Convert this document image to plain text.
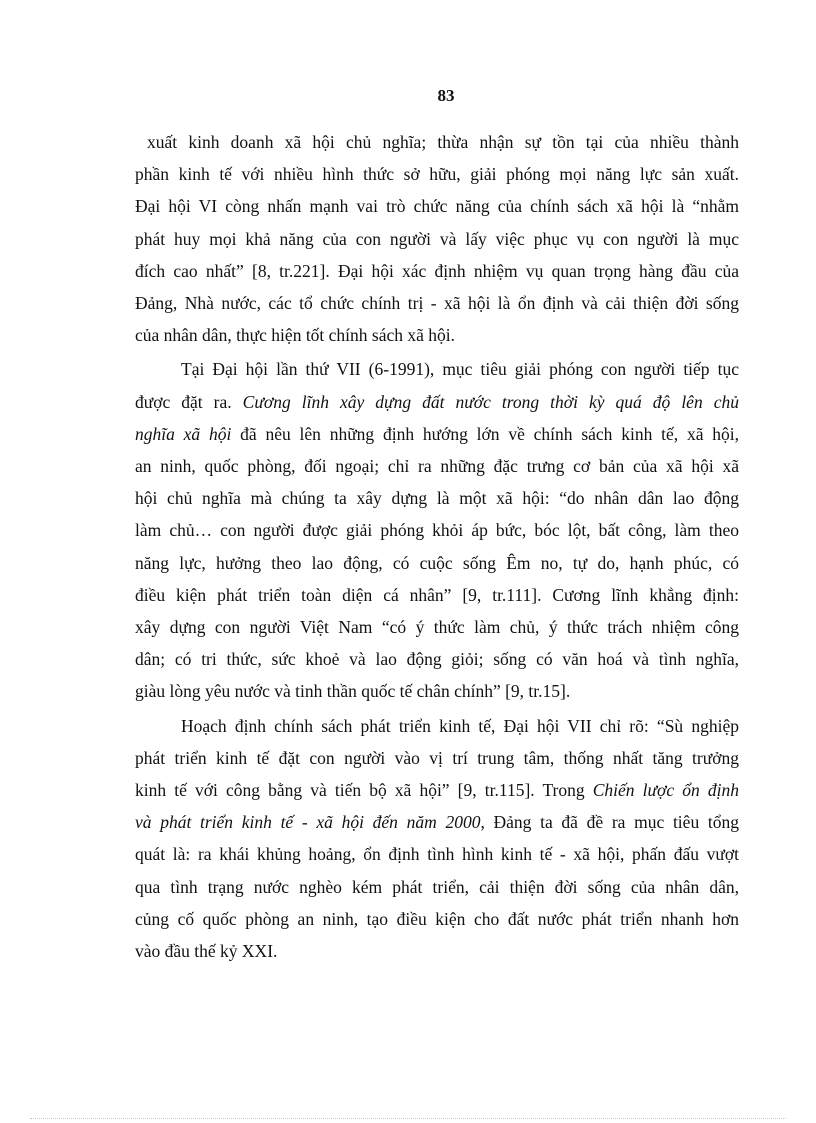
83

xuất kinh doanh xã hội chủ nghĩa; thừa nhận sự tồn tại của nhiều thành
phần kinh tế với nhiều hình thức sở hữu, giải phóng mọi năng lực sản xuất.
Đại hội VI còng nhấn mạnh vai trò chức năng của chính sách xã hội là “nhằm
phát huy mọi khả năng của con người và lấy việc phục vụ con người là mục
đích cao nhất” [8, tr.221]. Đại hội xác định nhiệm vụ quan trọng hàng đầu của
Đảng, Nhà nước, các tổ chức chính trị - xã hội là ổn định và cải thiện đời sống
của nhân dân, thực hiện tốt chính sách xã hội.

Tại Đại hội lần thứ VII (6-1991), mục tiêu giải phóng con người tiếp tục
được đặt ra. Cương lĩnh xây dựng đất nước trong thời kỳ quá độ lên chủ
nghĩa xã hội đã nêu lên những định hướng lớn về chính sách kinh tế, xã hội,
an ninh, quốc phòng, đối ngoại; chỉ ra những đặc trưng cơ bản của xã hội xã
hội chủ nghĩa mà chúng ta xây dựng là một xã hội: “do nhân dân lao động
làm chủ… con người được giải phóng khỏi áp bức, bóc lột, bất công, làm theo
năng lực, hưởng theo lao động, có cuộc sống Êm no, tự do, hạnh phúc, có
điều kiện phát triển toàn diện cá nhân” [9, tr.111]. Cương lĩnh khẳng định:
xây dựng con người Việt Nam “có ý thức làm chủ, ý thức trách nhiệm công
dân; có tri thức, sức khoẻ và lao động giỏi; sống có văn hoá và tình nghĩa,
giàu lòng yêu nước và tinh thần quốc tế chân chính” [9, tr.15].

Hoạch định chính sách phát triển kinh tế, Đại hội VII chỉ rõ: “Sù nghiệp
phát triển kinh tế đặt con người vào vị trí trung tâm, thống nhất tăng trưởng
kinh tế với công bằng và tiến bộ xã hội” [9, tr.115]. Trong Chiến lược ổn định
và phát triển kinh tế - xã hội đến năm 2000, Đảng ta đã đề ra mục tiêu tổng
quát là: ra khái khủng hoảng, ổn định tình hình kinh tế - xã hội, phấn đấu vượt
qua tình trạng nước nghèo kém phát triển, cải thiện đời sống của nhân dân,
củng cố quốc phòng an ninh, tạo điều kiện cho đất nước phát triển nhanh hơn
vào đầu thế kỷ XXI.
